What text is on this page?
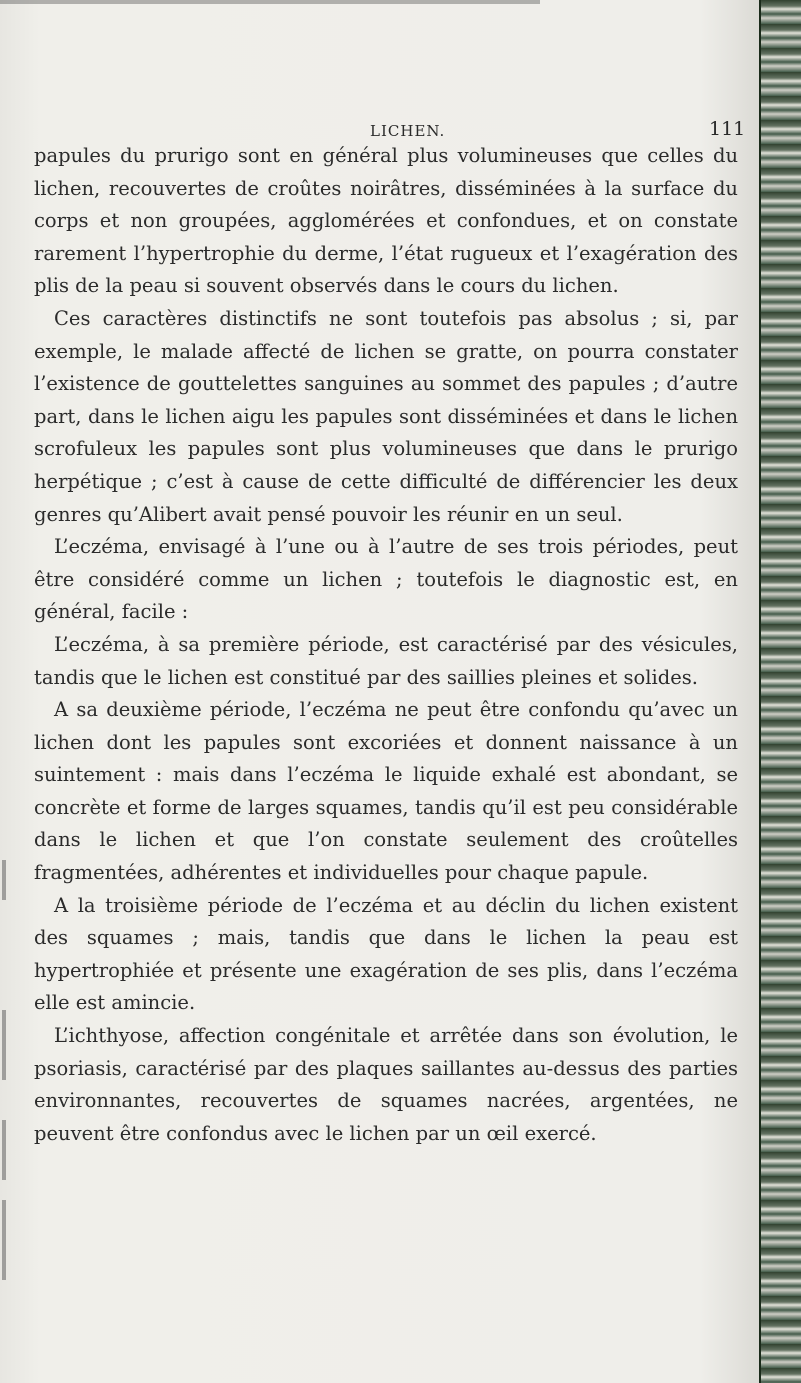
LICHEN.	111

papules du prurigo sont en général plus volumineuses que celles du lichen, recouvertes de croûtes noirâtres, disséminées à la surface du corps et non groupées, agglomérées et confondues, et on constate rarement l’hypertrophie du derme, l’état rugueux et l’exagération des plis de la peau si souvent observés dans le cours du lichen.

Ces caractères distinctifs ne sont toutefois pas absolus ; si, par exemple, le malade affecté de lichen se gratte, on pourra constater l’existence de gouttelettes sanguines au sommet des papules ; d’autre part, dans le lichen aigu les papules sont disséminées et dans le lichen scrofuleux les papules sont plus volumineuses que dans le prurigo herpétique ; c’est à cause de cette difficulté de différencier les deux genres qu’Alibert avait pensé pouvoir les réunir en un seul.

L’eczéma, envisagé à l’une ou à l’autre de ses trois périodes, peut être considéré comme un lichen ; toutefois le diagnostic est, en général, facile :

L’eczéma, à sa première période, est caractérisé par des vésicules, tandis que le lichen est constitué par des saillies pleines et solides.

A sa deuxième période, l’eczéma ne peut être confondu qu’avec un lichen dont les papules sont excoriées et donnent naissance à un suintement : mais dans l’eczéma le liquide exhalé est abondant, se concrète et forme de larges squames, tandis qu’il est peu considérable dans le lichen et que l’on constate seulement des croûtelles fragmentées, adhérentes et individuelles pour chaque papule.

A la troisième période de l’eczéma et au déclin du lichen existent des squames ; mais, tandis que dans le lichen la peau est hypertrophiée et présente une exagération de ses plis, dans l’eczéma elle est amincie.

L’ichthyose, affection congénitale et arrêtée dans son évolution, le psoriasis, caractérisé par des plaques saillantes au-dessus des parties environnantes, recouvertes de squames nacrées, argentées, ne peuvent être confondus avec le lichen par un œil exercé.
